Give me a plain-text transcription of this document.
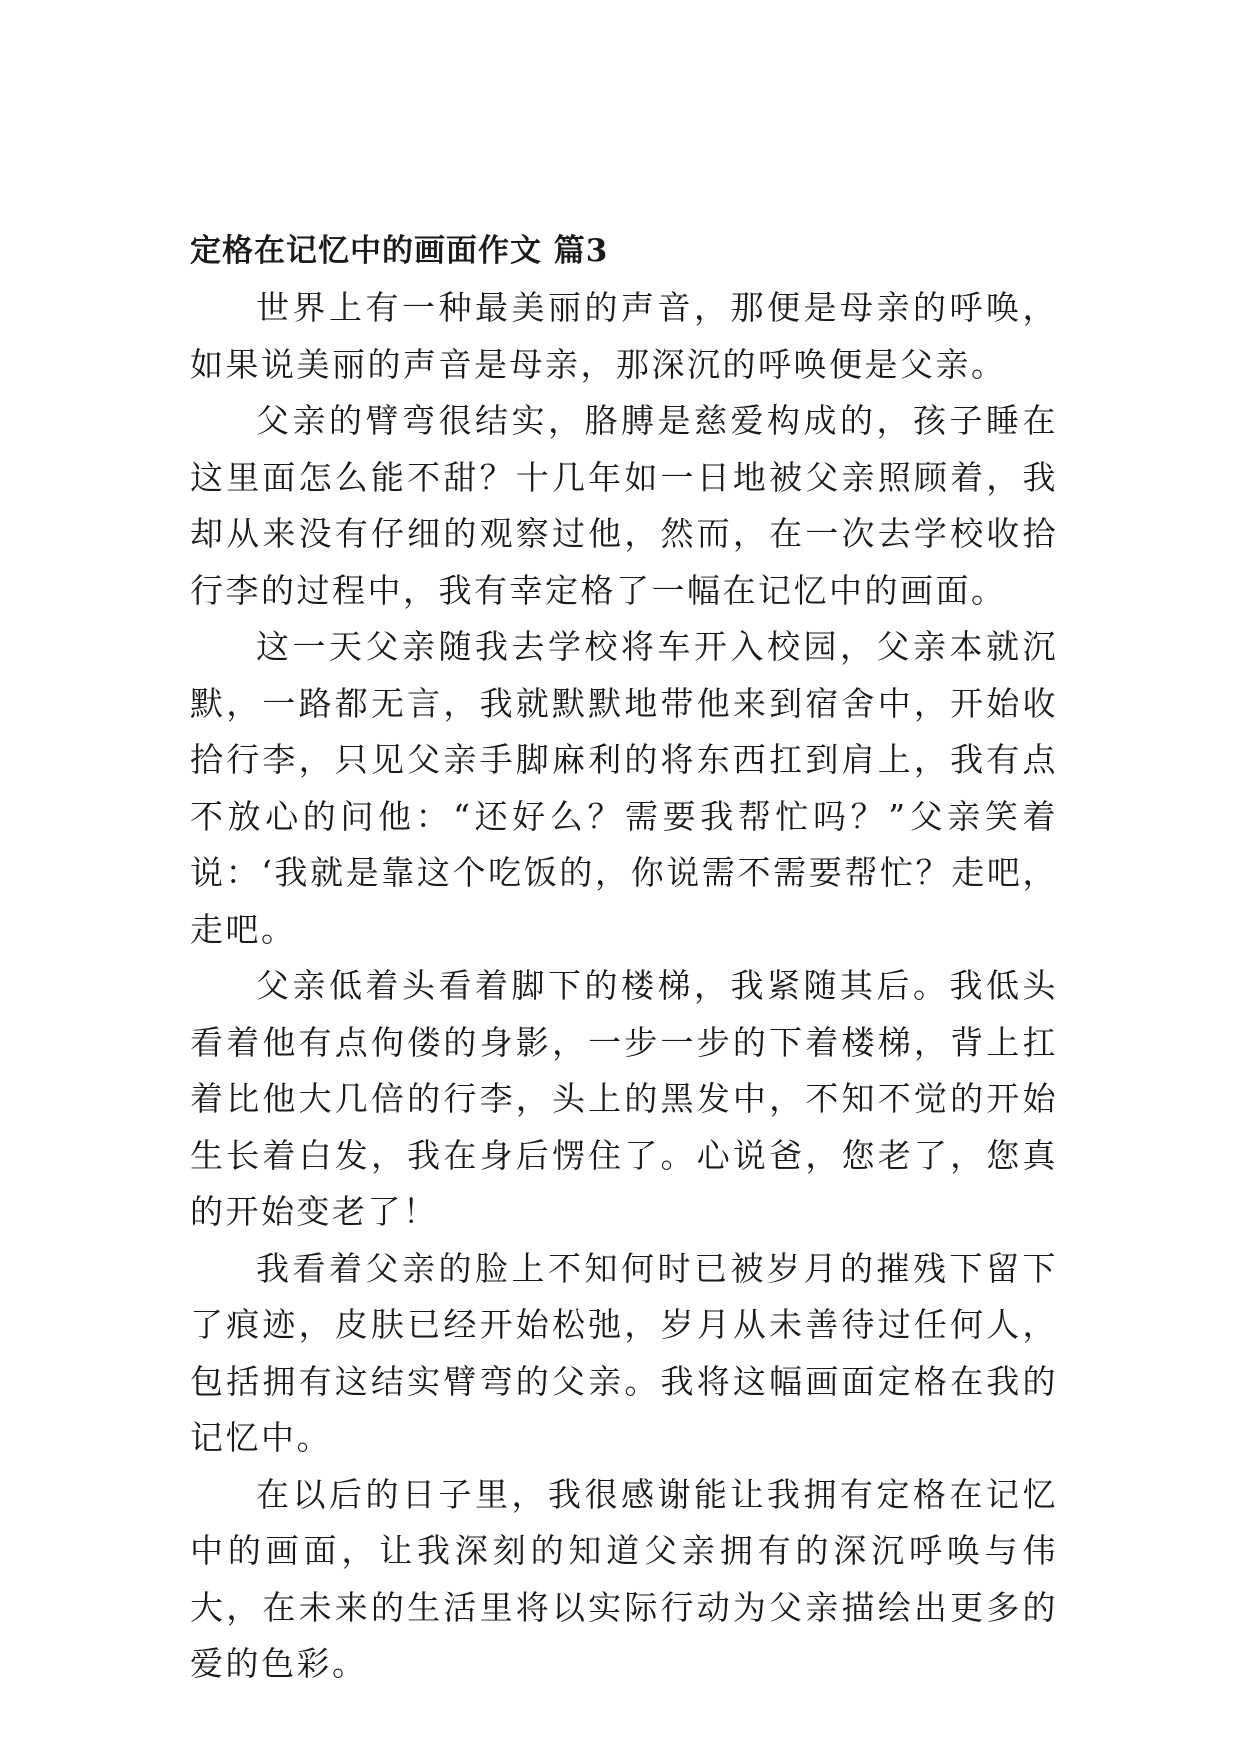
定格在记忆中的画面作文 篇3

世界上有一种最美丽的声音，那便是母亲的呼唤，如果说美丽的声音是母亲，那深沉的呼唤便是父亲。

父亲的臂弯很结实，胳膊是慈爱构成的，孩子睡在这里面怎么能不甜？十几年如一日地被父亲照顾着，我却从来没有仔细的观察过他，然而，在一次去学校收拾行李的过程中，我有幸定格了一幅在记忆中的画面。

这一天父亲随我去学校将车开入校园，父亲本就沉默，一路都无言，我就默默地带他来到宿舍中，开始收拾行李，只见父亲手脚麻利的将东西扛到肩上，我有点不放心的问他：“还好么？需要我帮忙吗？”父亲笑着说：‘我就是靠这个吃饭的，你说需不需要帮忙？走吧，走吧。

父亲低着头看着脚下的楼梯，我紧随其后。我低头看着他有点佝偻的身影，一步一步的下着楼梯，背上扛着比他大几倍的行李，头上的黑发中，不知不觉的开始生长着白发，我在身后愣住了。心说爸，您老了，您真的开始变老了！

我看着父亲的脸上不知何时已被岁月的摧残下留下了痕迹，皮肤已经开始松弛，岁月从未善待过任何人，包括拥有这结实臂弯的父亲。我将这幅画面定格在我的记忆中。

在以后的日子里，我很感谢能让我拥有定格在记忆中的画面，让我深刻的知道父亲拥有的深沉呼唤与伟大，在未来的生活里将以实际行动为父亲描绘出更多的爱的色彩。
